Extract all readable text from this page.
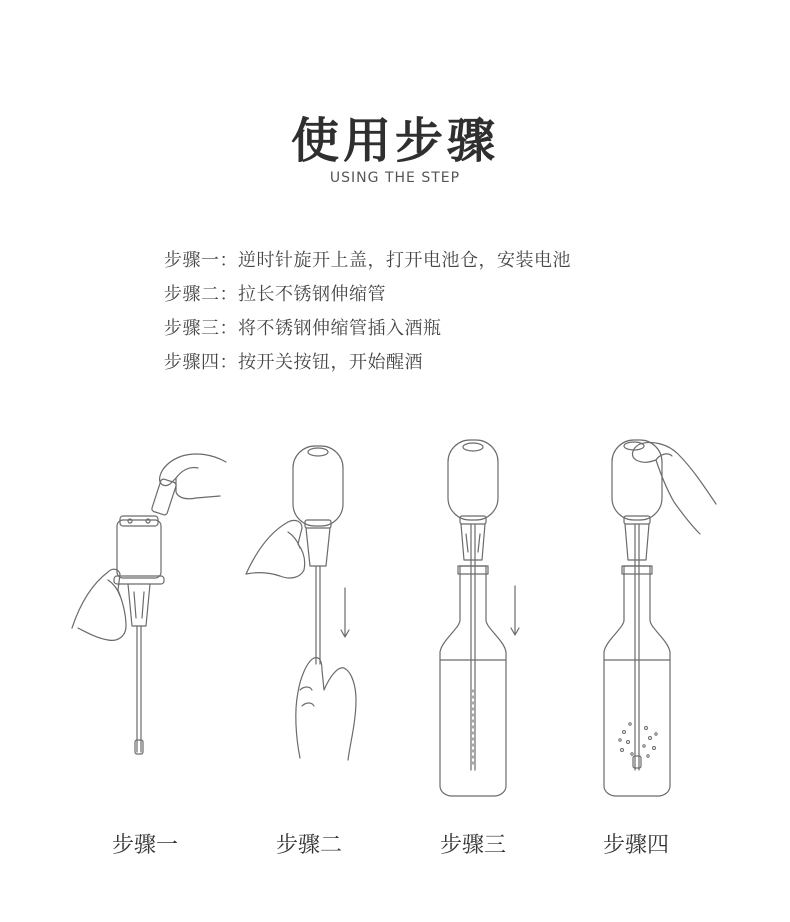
使用步骤
USING THE STEP
步骤一：逆时针旋开上盖，打开电池仓，安装电池
步骤二：拉长不锈钢伸缩管
步骤三：将不锈钢伸缩管插入酒瓶
步骤四：按开关按钮，开始醒酒
步骤一	步骤二	步骤三	步骤四
